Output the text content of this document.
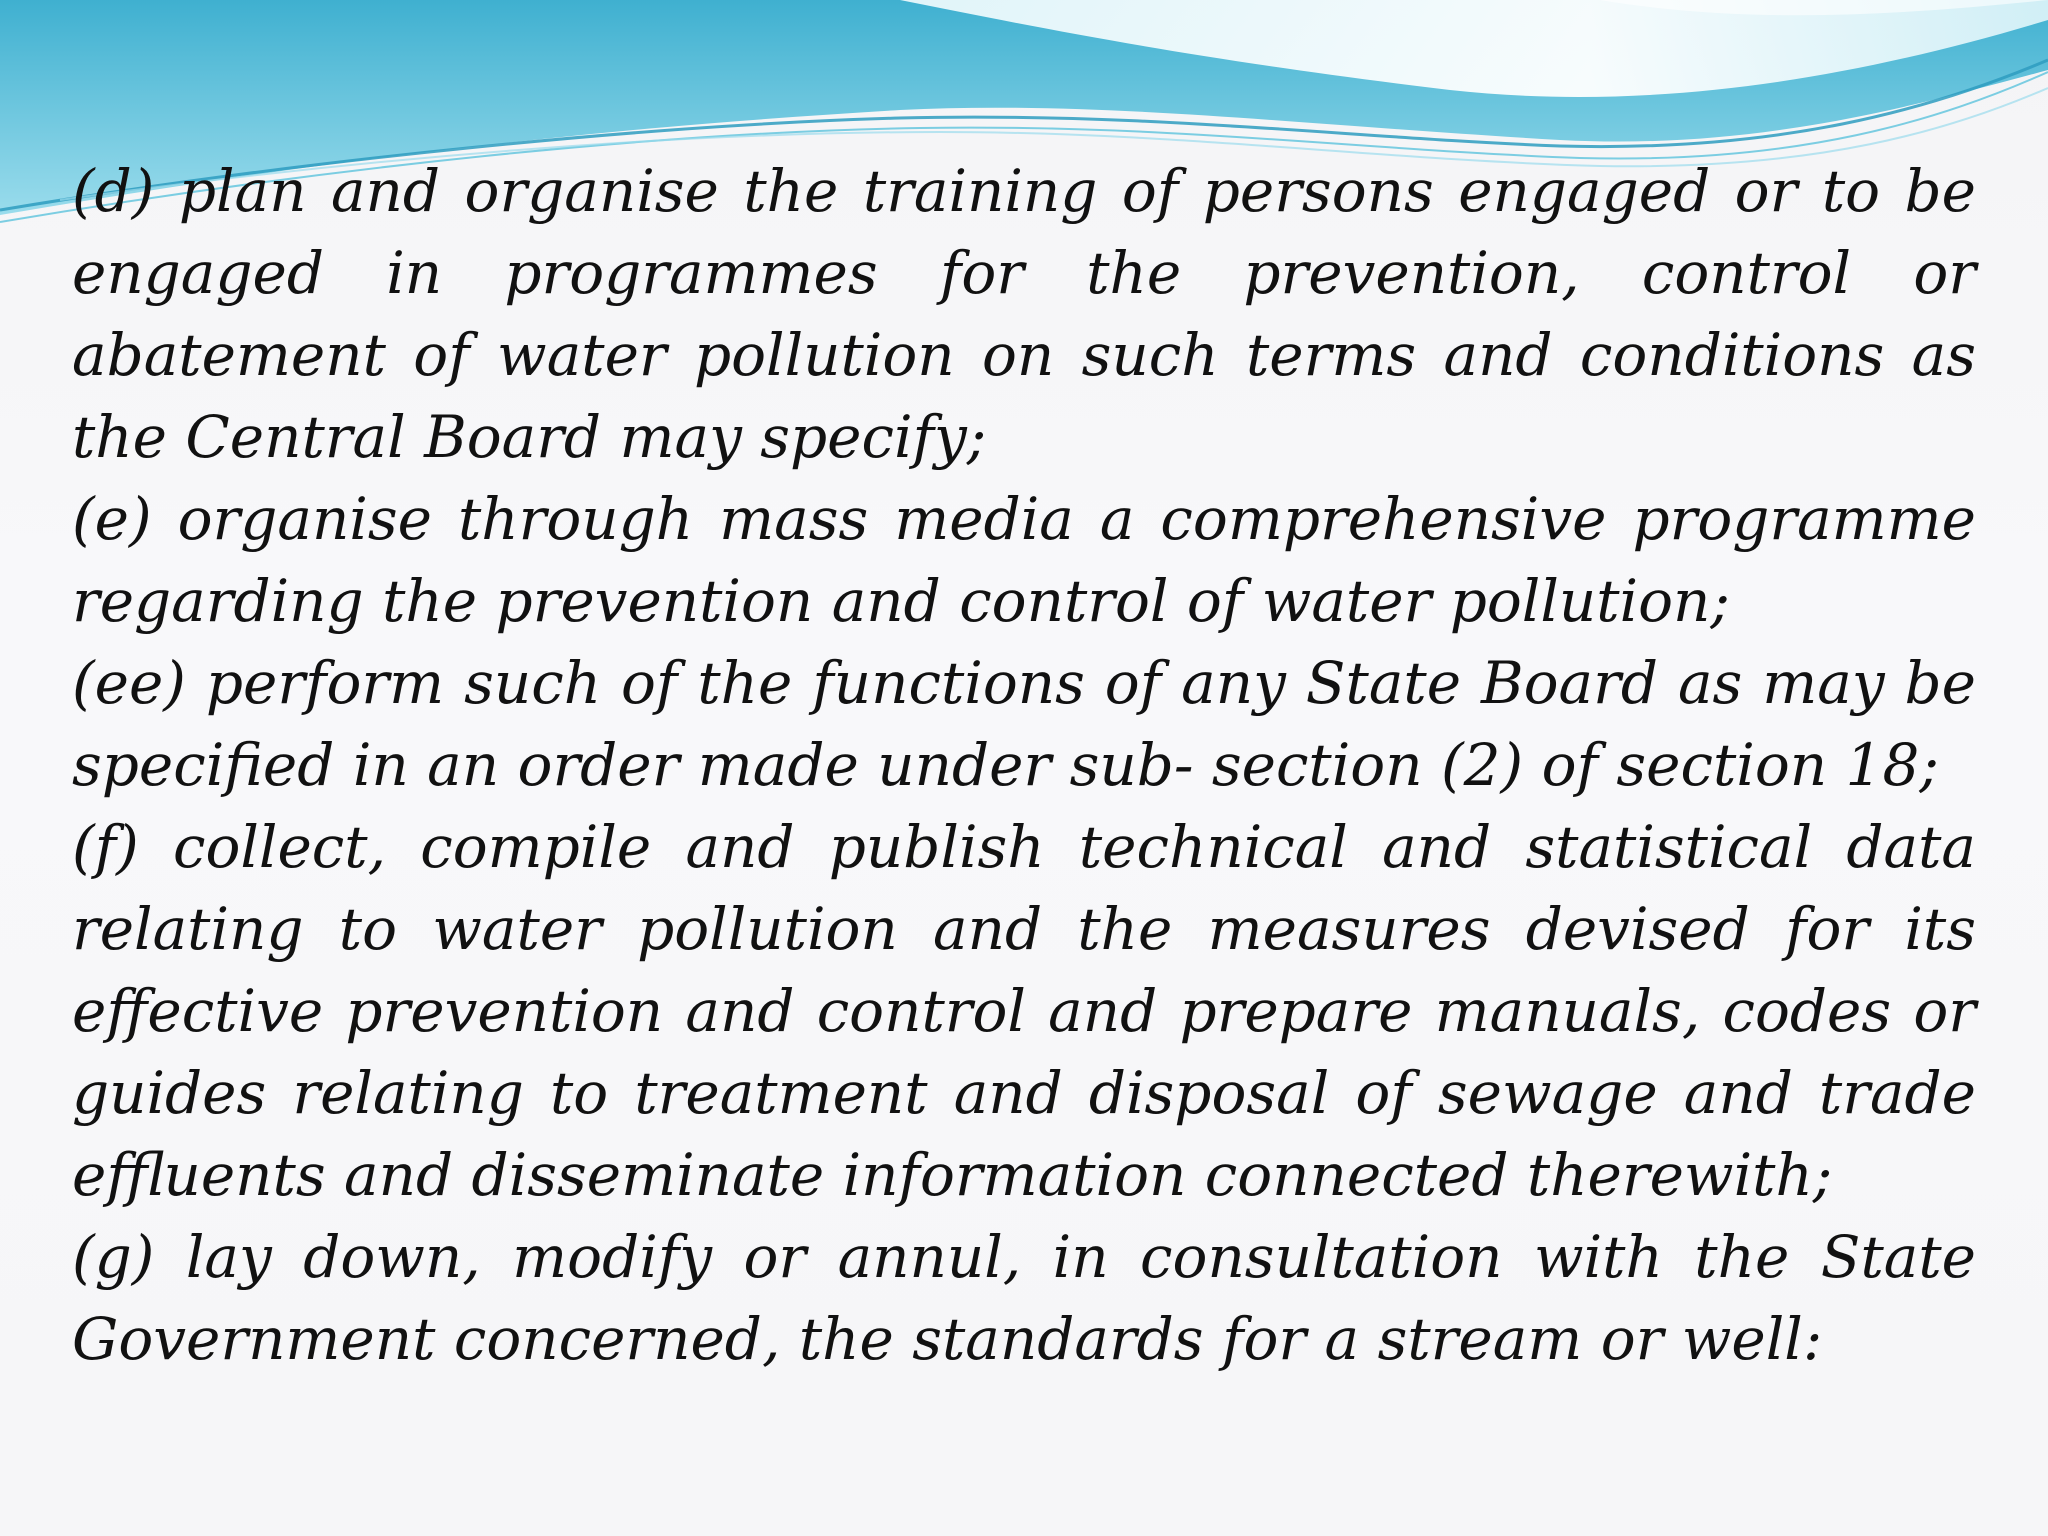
(d) plan and organise the training of persons engaged or to be engaged in programmes for the prevention, control or abatement of water pollution on such terms and conditions as the Central Board may specify;

(e) organise through mass media a comprehensive programme regarding the prevention and control of water pollution;

(ee) perform such of the functions of any State Board as may be specified in an order made under sub- section (2) of section 18;

(f) collect, compile and publish technical and statistical data relating to water pollution and the measures devised for its effective prevention and control and prepare manuals, codes or guides relating to treatment and disposal of sewage and trade effluents and disseminate information connected therewith;

(g) lay down, modify or annul, in consultation with the State Government concerned, the standards for a stream or well:
